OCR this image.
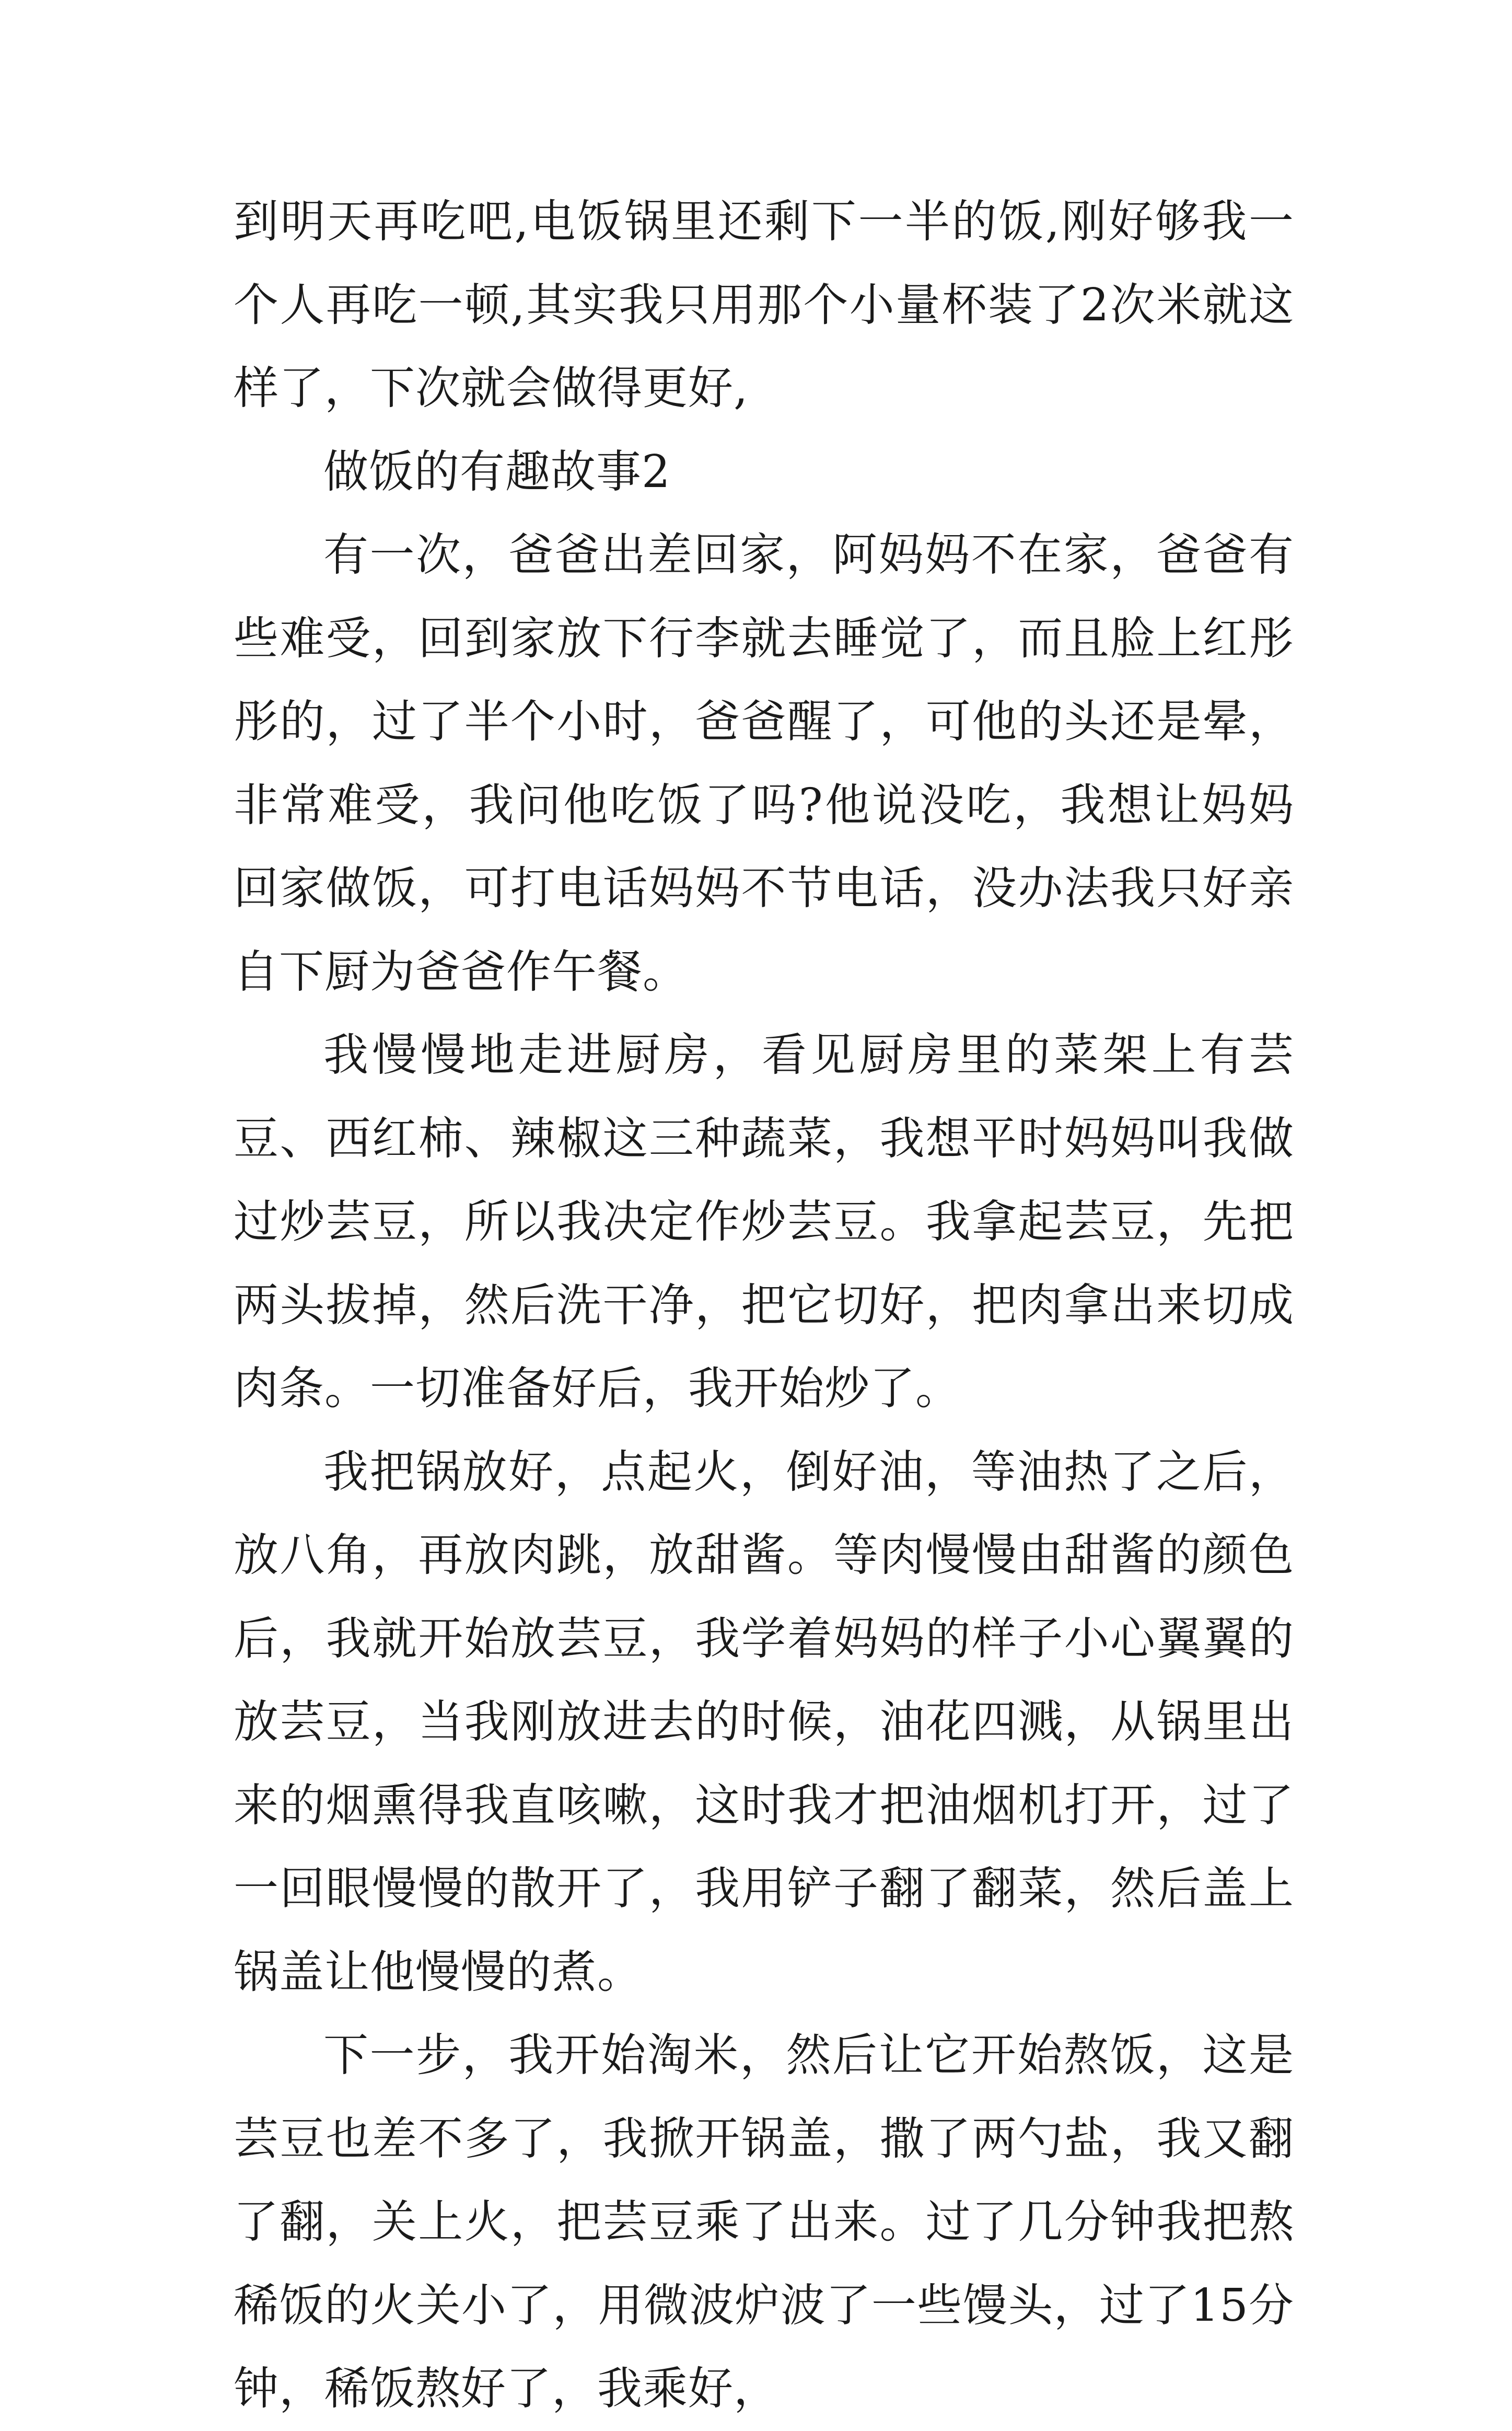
到明天再吃吧,电饭锅里还剩下一半的饭,刚好够我一个人再吃一顿,其实我只用那个小量杯装了2次米就这样了，下次就会做得更好,

做饭的有趣故事2

有一次，爸爸出差回家，阿妈妈不在家，爸爸有些难受，回到家放下行李就去睡觉了，而且脸上红彤彤的，过了半个小时，爸爸醒了，可他的头还是晕，非常难受，我问他吃饭了吗?他说没吃，我想让妈妈回家做饭，可打电话妈妈不节电话，没办法我只好亲自下厨为爸爸作午餐。

我慢慢地走进厨房，看见厨房里的菜架上有芸豆、西红柿、辣椒这三种蔬菜，我想平时妈妈叫我做过炒芸豆，所以我决定作炒芸豆。我拿起芸豆，先把两头拔掉，然后洗干净，把它切好，把肉拿出来切成肉条。一切准备好后，我开始炒了。

我把锅放好，点起火，倒好油，等油热了之后，放八角，再放肉跳，放甜酱。等肉慢慢由甜酱的颜色后，我就开始放芸豆，我学着妈妈的样子小心翼翼的放芸豆，当我刚放进去的时候，油花四溅，从锅里出来的烟熏得我直咳嗽，这时我才把油烟机打开，过了一回眼慢慢的散开了，我用铲子翻了翻菜，然后盖上锅盖让他慢慢的煮。

下一步，我开始淘米，然后让它开始熬饭，这是芸豆也差不多了，我掀开锅盖，撒了两勺盐，我又翻了翻，关上火，把芸豆乘了出来。过了几分钟我把熬稀饭的火关小了，用微波炉波了一些馒头，过了15分钟，稀饭熬好了，我乘好，
